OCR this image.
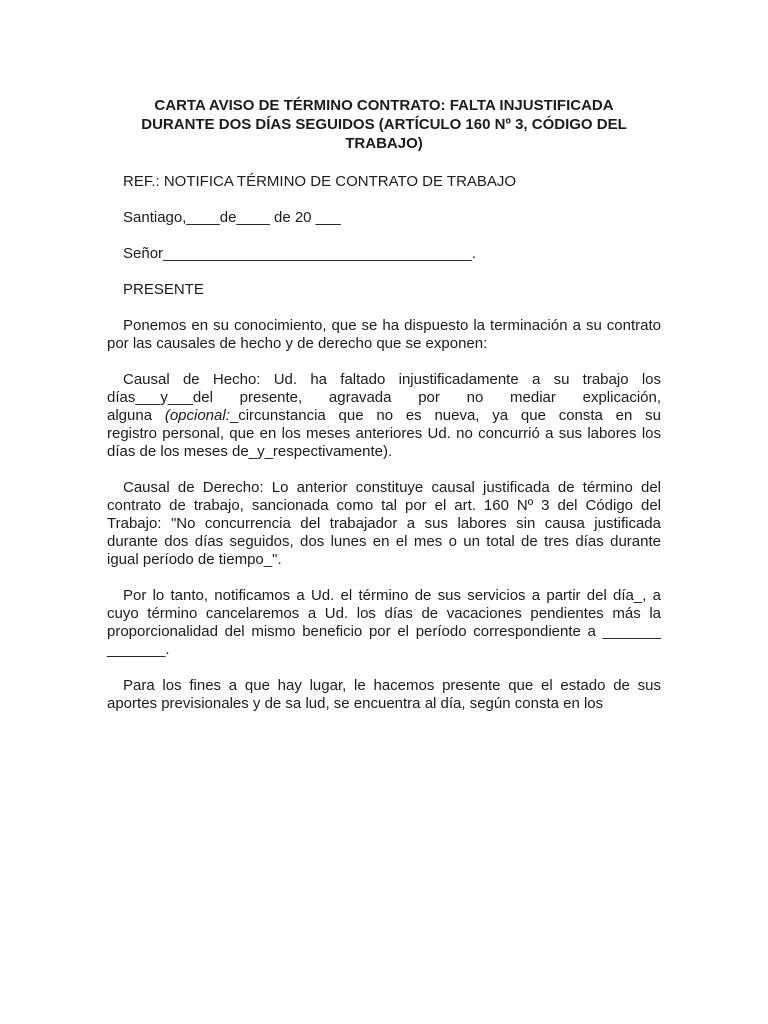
CARTA AVISO DE TÉRMINO CONTRATO: FALTA INJUSTIFICADA
DURANTE DOS DÍAS SEGUIDOS (ARTÍCULO 160 Nº 3, CÓDIGO DEL
TRABAJO)
REF.: NOTIFICA TÉRMINO DE CONTRATO DE TRABAJO
Santiago,____de____ de 20 ___
Señor_____________________________________.
PRESENTE
Ponemos en su conocimiento, que se ha dispuesto la terminación a su contrato
por las causales de hecho y de derecho que se exponen:
Causal de Hecho: Ud. ha faltado injustificadamente a su trabajo los
días___y___del presente, agravada por no mediar explicación,
alguna (opcional:_circunstancia que no es nueva, ya que consta en su
registro personal, que en los meses anteriores Ud. no concurrió a sus labores los
días de los meses de_y_respectivamente).
Causal de Derecho: Lo anterior constituye causal justificada de término del
contrato de trabajo, sancionada como tal por el art. 160 Nº 3 del Código del
Trabajo: "No concurrencia del trabajador a sus labores sin causa justificada
durante dos días seguidos, dos lunes en el mes o un total de tres días durante
igual período de tiempo_".
Por lo tanto, notificamos a Ud. el término de sus servicios a partir del día_, a
cuyo término cancelaremos a Ud. los días de vacaciones pendientes más la
proporcionalidad del mismo beneficio por el período correspondiente a _______
_______.
Para los fines a que hay lugar, le hacemos presente que el estado de sus
aportes previsionales y de sa lud, se encuentra al día, según consta en los
